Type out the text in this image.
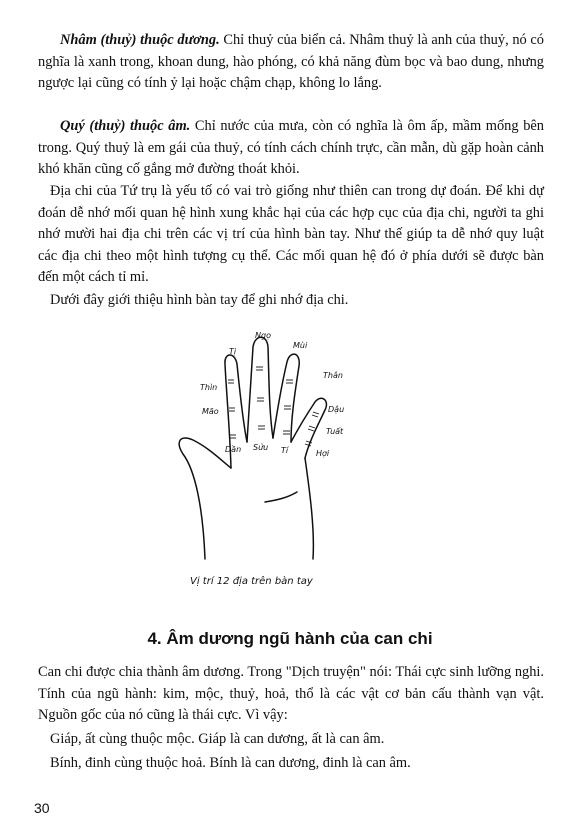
Nhâm (thuỷ) thuộc dương. Chỉ thuỷ của biển cả. Nhâm thuỷ là anh của thuỷ, nó có nghĩa là xanh trong, khoan dung, hào phóng, có khả năng đùm bọc và bao dung, nhưng ngược lại cũng có tính ỷ lại hoặc chậm chạp, không lo lắng.

Quý (thuỷ) thuộc âm. Chỉ nước của mưa, còn có nghĩa là ôm ấp, mầm mống bên trong. Quý thuỷ là em gái của thuỷ, có tính cách chính trực, cần mẫn, dù gặp hoàn cảnh khó khăn cũng cố gắng mở đường thoát khỏi.

Địa chi của Tứ trụ là yếu tố có vai trò giống như thiên can trong dự đoán. Để khi dự đoán dễ nhớ mối quan hệ hình xung khắc hại của các hợp cục của địa chi, người ta ghi nhớ mười hai địa chi trên các vị trí của hình bàn tay. Như thế giúp ta dễ nhớ quy luật các địa chi theo một hình tượng cụ thể. Các mối quan hệ đó ở phía dưới sẽ được bàn đến một cách tỉ mỉ.

Dưới đây giới thiệu hình bàn tay để ghi nhớ địa chi.

Tị
Ngọ
Mùi
Thân
Thìn
Mão	Dậu
Tuất
Dần Sửu Tí	Hợi
Vị trí 12 địa trên bàn tay
4. Âm dương ngũ hành của can chi

Can chi được chia thành âm dương. Trong "Dịch truyện" nói: Thái cực sinh lưỡng nghi. Tính của ngũ hành: kim, mộc, thuỷ, hoả, thổ là các vật cơ bản cấu thành vạn vật. Nguồn gốc của nó cũng là thái cực. Vì vậy:

Giáp, ất cùng thuộc mộc. Giáp là can dương, ất là can âm.

Bính, đinh cùng thuộc hoả. Bính là can dương, đinh là can âm.

30
